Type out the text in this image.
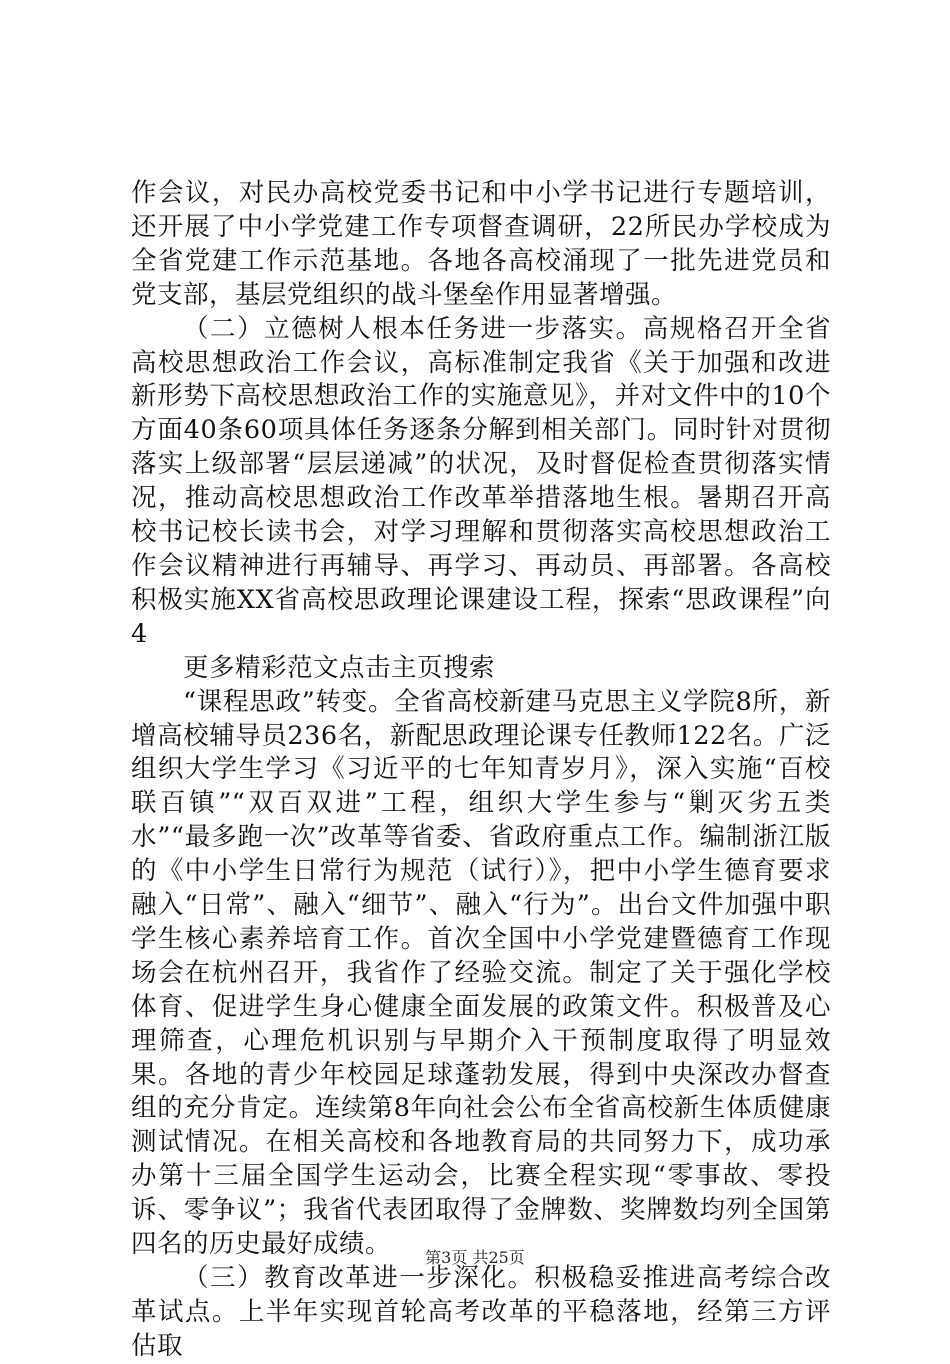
作会议，对民办高校党委书记和中小学书记进行专题培训，还开展了中小学党建工作专项督查调研，22所民办学校成为全省党建工作示范基地。各地各高校涌现了一批先进党员和党支部，基层党组织的战斗堡垒作用显著增强。

（二）立德树人根本任务进一步落实。高规格召开全省高校思想政治工作会议，高标准制定我省《关于加强和改进新形势下高校思想政治工作的实施意见》，并对文件中的10个方面40条60项具体任务逐条分解到相关部门。同时针对贯彻落实上级部署“层层递减”的状况，及时督促检查贯彻落实情况，推动高校思想政治工作改革举措落地生根。暑期召开高校书记校长读书会，对学习理解和贯彻落实高校思想政治工作会议精神进行再辅导、再学习、再动员、再部署。各高校积极实施XX省高校思政理论课建设工程，探索“思政课程”向4

更多精彩范文点击主页搜索

“课程思政”转变。全省高校新建马克思主义学院8所，新增高校辅导员236名，新配思政理论课专任教师122名。广泛组织大学生学习《习近平的七年知青岁月》，深入实施“百校联百镇”“双百双进”工程，组织大学生参与“剿灭劣五类水”“最多跑一次”改革等省委、省政府重点工作。编制浙江版的《中小学生日常行为规范（试行）》，把中小学生德育要求融入“日常”、融入“细节”、融入“行为”。出台文件加强中职学生核心素养培育工作。首次全国中小学党建暨德育工作现场会在杭州召开，我省作了经验交流。制定了关于强化学校体育、促进学生身心健康全面发展的政策文件。积极普及心理筛查，心理危机识别与早期介入干预制度取得了明显效果。各地的青少年校园足球蓬勃发展，得到中央深改办督查组的充分肯定。连续第8年向社会公布全省高校新生体质健康测试情况。在相关高校和各地教育局的共同努力下，成功承办第十三届全国学生运动会，比赛全程实现“零事故、零投诉、零争议”；我省代表团取得了金牌数、奖牌数均列全国第四名的历史最好成绩。

（三）教育改革进一步深化。积极稳妥推进高考综合改革试点。上半年实现首轮高考改革的平稳落地，经第三方评估取

第3页 共25页
